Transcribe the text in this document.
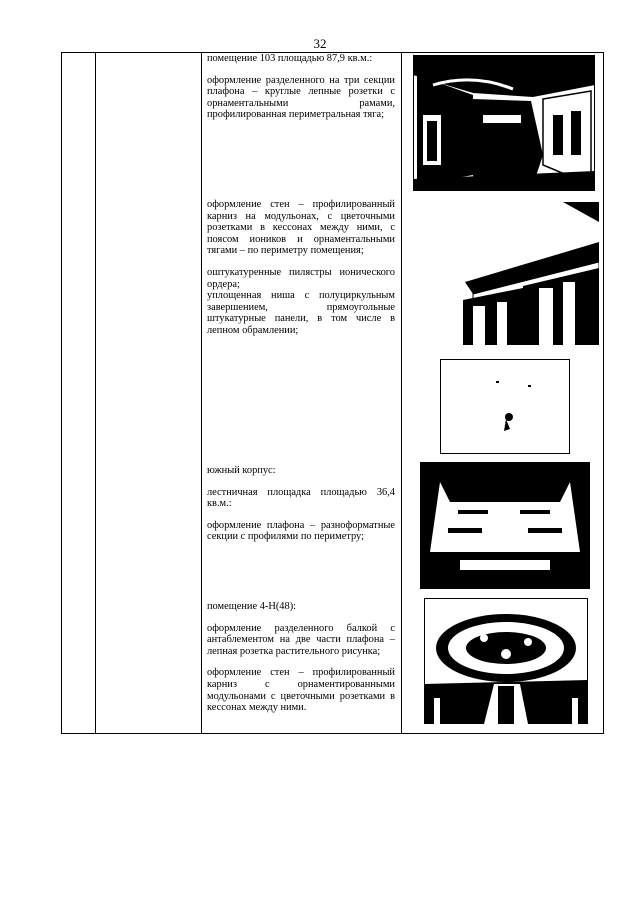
32

помещение 103 площадью 87,9 кв.м.:

оформление разделенного на три секции плафона – круглые лепные розетки с орнаментальными рамами, профилированная периметральная тяга;

оформление стен – профилированный карниз на модульонах, с цветочными розетками в кессонах между ними, с поясом иоников и орнаментальными тягами – по периметру помещения;

оштукатуренные пилястры ионического ордера;
уплощенная ниша с полуциркульным завершением, прямоугольные штукатурные панели, в том числе в лепном обрамлении;

южный корпус:

лестничная площадка площадью 36,4 кв.м.:

оформление плафона – разноформатные секции с профилями по периметру;

помещение 4-Н(48):

оформление разделенного балкой с антаблементом на две части плафона – лепная розетка растительного рисунка;

оформление стен – профилированный карниз с орнаментированными модульонами с цветочными розетками в кессонах между ними.
